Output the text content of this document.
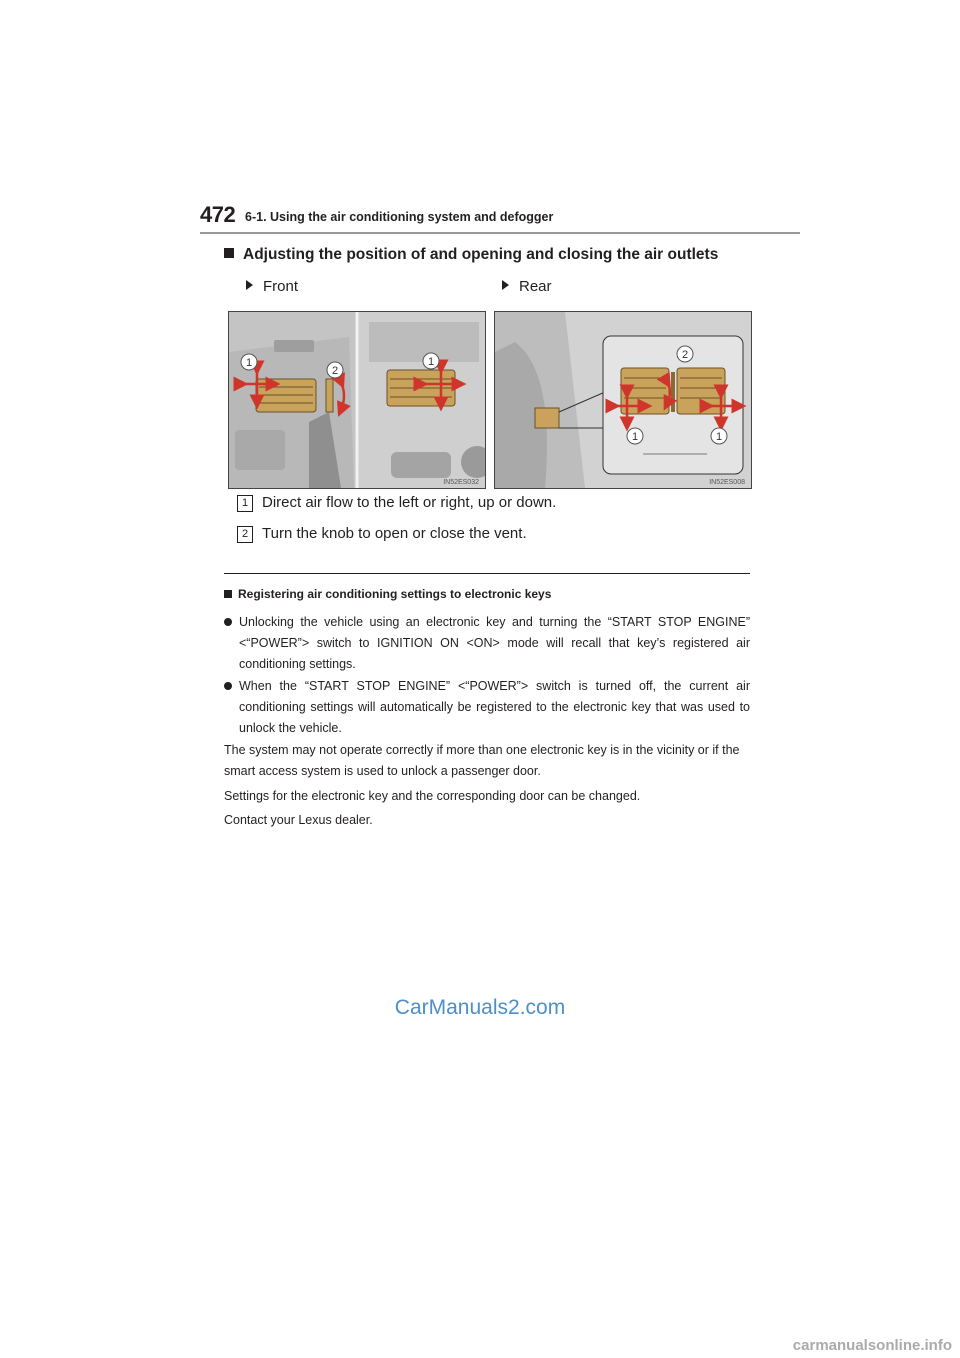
472 6-1. Using the air conditioning system and defogger
Adjusting the position of and opening and closing the air outlets
Front	Rear
1
2
1
IN52ES032
2
1	1
IN52ES008
1 Direct air flow to the left or right, up or down.
2 Turn the knob to open or close the vent.
Registering air conditioning settings to electronic keys
Unlocking the vehicle using an electronic key and turning the “START STOP ENGINE” <“POWER”> switch to IGNITION ON <ON> mode will recall that key’s registered air conditioning settings.
When the “START STOP ENGINE” <“POWER”> switch is turned off, the current air conditioning settings will automatically be registered to the electronic key that was used to unlock the vehicle.
The system may not operate correctly if more than one electronic key is in the vicinity or if the smart access system is used to unlock a passenger door.
Settings for the electronic key and the corresponding door can be changed.
Contact your Lexus dealer.
CarManuals2.com
carmanualsonline.info
